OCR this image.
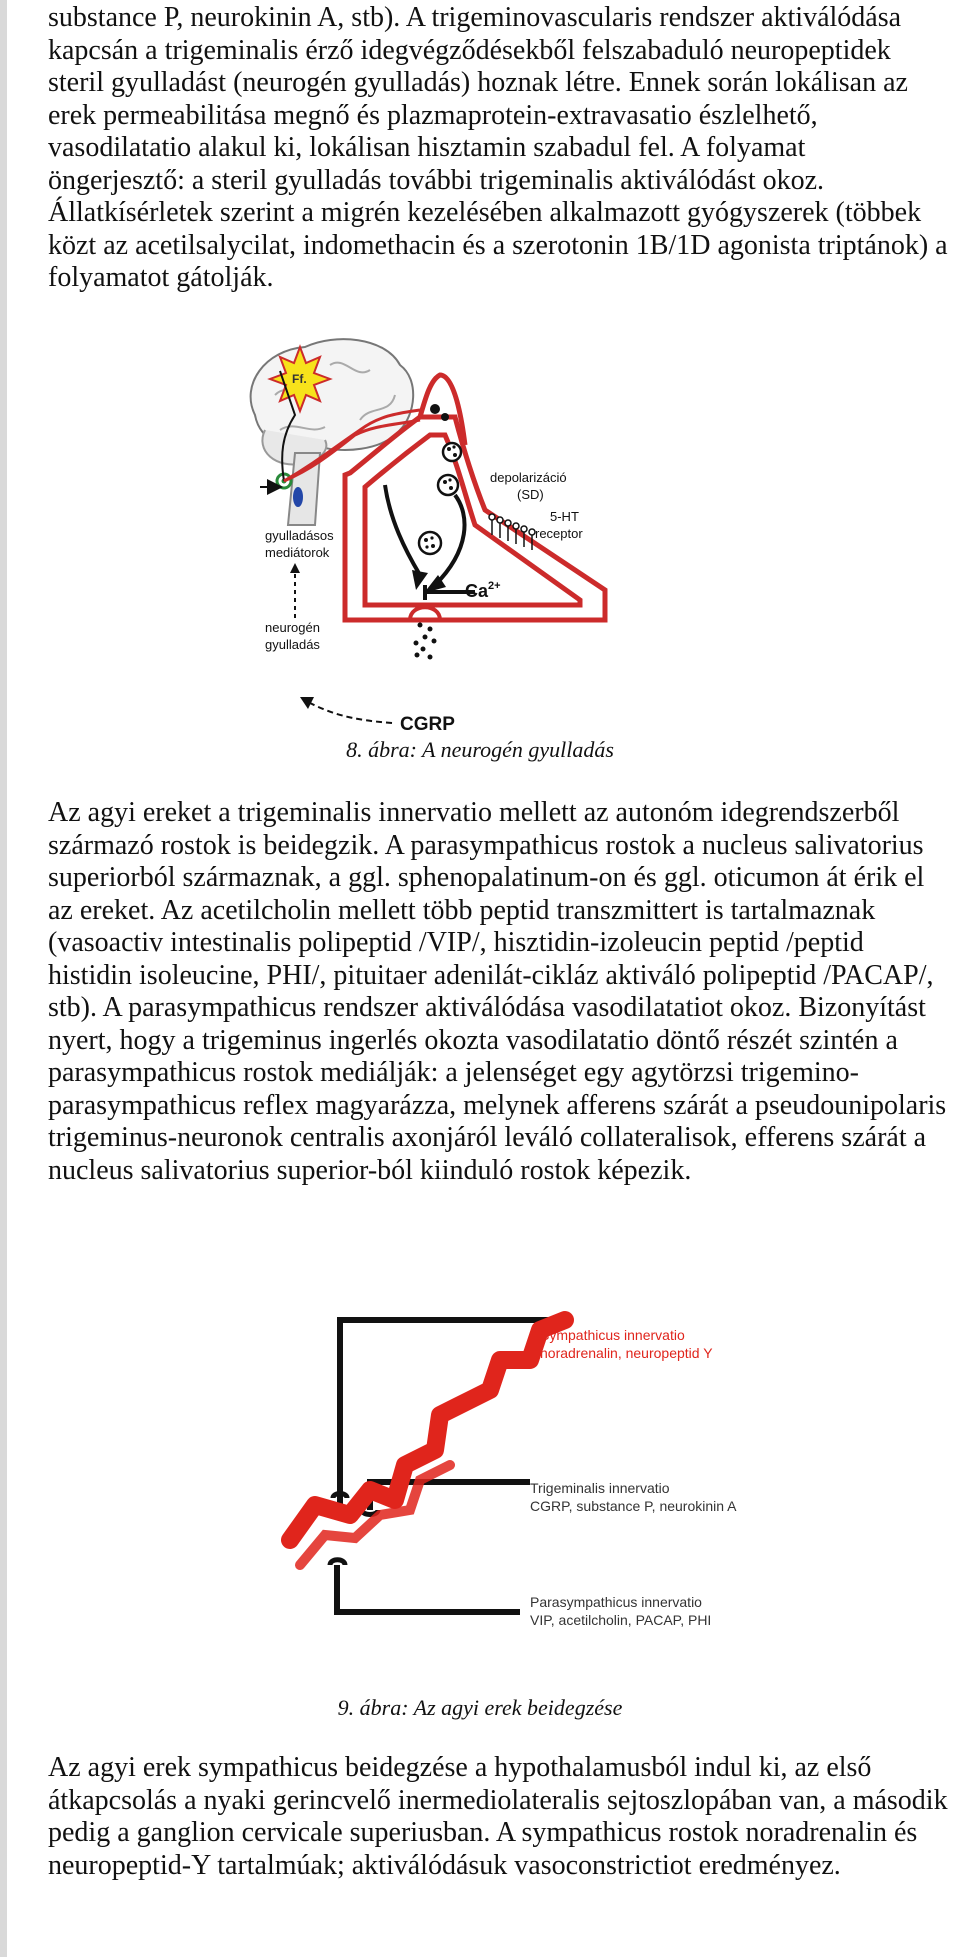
substance P, neurokinin A, stb). A trigeminovascularis rendszer aktiválódása kapcsán a trigeminalis érző idegvégződésekből felszabaduló neuropeptidek steril gyulladást (neurogén gyulladás) hoznak létre. Ennek során lokálisan az erek permeabilitása megnő és plazmaprotein-extravasatio észlelhető, vasodilatatio alakul ki, lokálisan hisztamin szabadul fel. A folyamat öngerjesztő: a steril gyulladás további trigeminalis aktiválódást okoz. Állatkísérletek szerint a migrén kezelésében alkalmazott gyógyszerek (többek közt az acetilsalycilat, indomethacin és a szerotonin 1B/1D agonista triptánok) a folyamatot gátolják.

Ff.
gyulladásos
mediátorok
depolarizáció
(SD)
5-HT
receptor
neurogén
gyulladás
$Ca^{2+}$
CGRP
8. ábra: A neurogén gyulladás

Az agyi ereket a trigeminalis innervatio mellett az autonóm idegrendszerből származó rostok is beidegzik. A parasympathicus rostok a nucleus salivatorius superiorból származnak, a ggl. sphenopalatinum-on és ggl. oticumon át érik el az ereket. Az acetilcholin mellett több peptid transzmittert is tartalmaznak (vasoactiv intestinalis polipeptid /VIP/, hisztidin-izoleucin peptid /peptid histidin isoleucine, PHI/, pituitaer adenilát-cikláz aktiváló polipeptid /PACAP/, stb). A parasympathicus rendszer aktiválódása vasodilatatiot okoz. Bizonyítást nyert, hogy a trigeminus ingerlés okozta vasodilatatio döntő részét szintén a parasympathicus rostok mediálják: a jelenséget egy agytörzsi trigemino-parasympathicus reflex magyarázza, melynek afferens szárát a pseudounipolaris trigeminus-neuronok centralis axonjáról leváló collateralisok, efferens szárát a nucleus salivatorius superior-ból kiinduló rostok képezik.

Sympathicus innervatio
noradrenalin, neuropeptid Y
Trigeminalis innervatio
CGRP, substance P, neurokinin A
Parasympathicus innervatio
VIP, acetilcholin, PACAP, PHI
9. ábra: Az agyi erek beidegzése

Az agyi erek sympathicus beidegzése a hypothalamusból indul ki, az első átkapcsolás a nyaki gerincvelő inermediolateralis sejtoszlopában van, a második pedig a ganglion cervicale superiusban. A sympathicus rostok noradrenalin és neuropeptid-Y tartalmúak; aktiválódásuk vasoconstrictiot eredményez.
